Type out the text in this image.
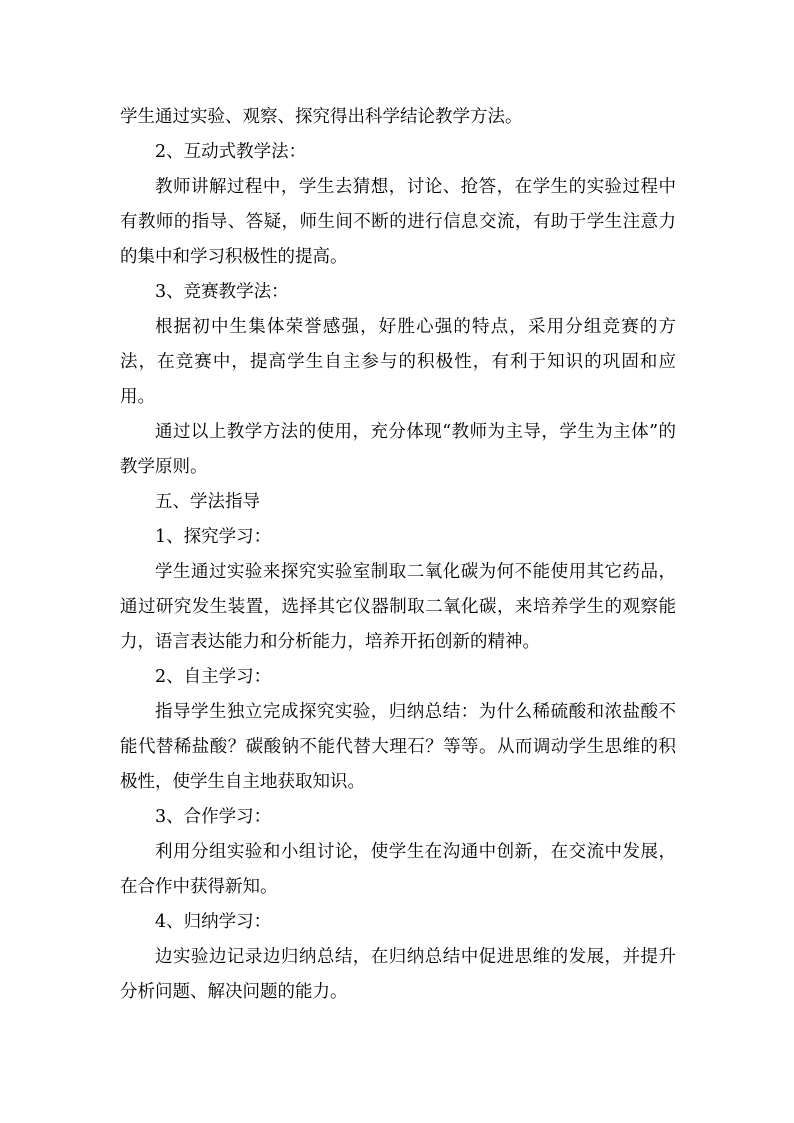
学生通过实验、观察、探究得出科学结论教学方法。

2、互动式教学法：

教师讲解过程中，学生去猜想，讨论、抢答，在学生的实验过程中有教师的指导、答疑，师生间不断的进行信息交流，有助于学生注意力的集中和学习积极性的提高。

3、竞赛教学法：

根据初中生集体荣誉感强，好胜心强的特点，采用分组竞赛的方法，在竞赛中，提高学生自主参与的积极性，有利于知识的巩固和应用。

通过以上教学方法的使用，充分体现“教师为主导，学生为主体”的教学原则。

五、学法指导

1、探究学习：

学生通过实验来探究实验室制取二氧化碳为何不能使用其它药品，通过研究发生装置，选择其它仪器制取二氧化碳，来培养学生的观察能力，语言表达能力和分析能力，培养开拓创新的精神。

2、自主学习：

指导学生独立完成探究实验，归纳总结：为什么稀硫酸和浓盐酸不能代替稀盐酸？碳酸钠不能代替大理石？等等。从而调动学生思维的积极性，使学生自主地获取知识。

3、合作学习：

利用分组实验和小组讨论，使学生在沟通中创新，在交流中发展，在合作中获得新知。

4、归纳学习：

边实验边记录边归纳总结，在归纳总结中促进思维的发展，并提升分析问题、解决问题的能力。
